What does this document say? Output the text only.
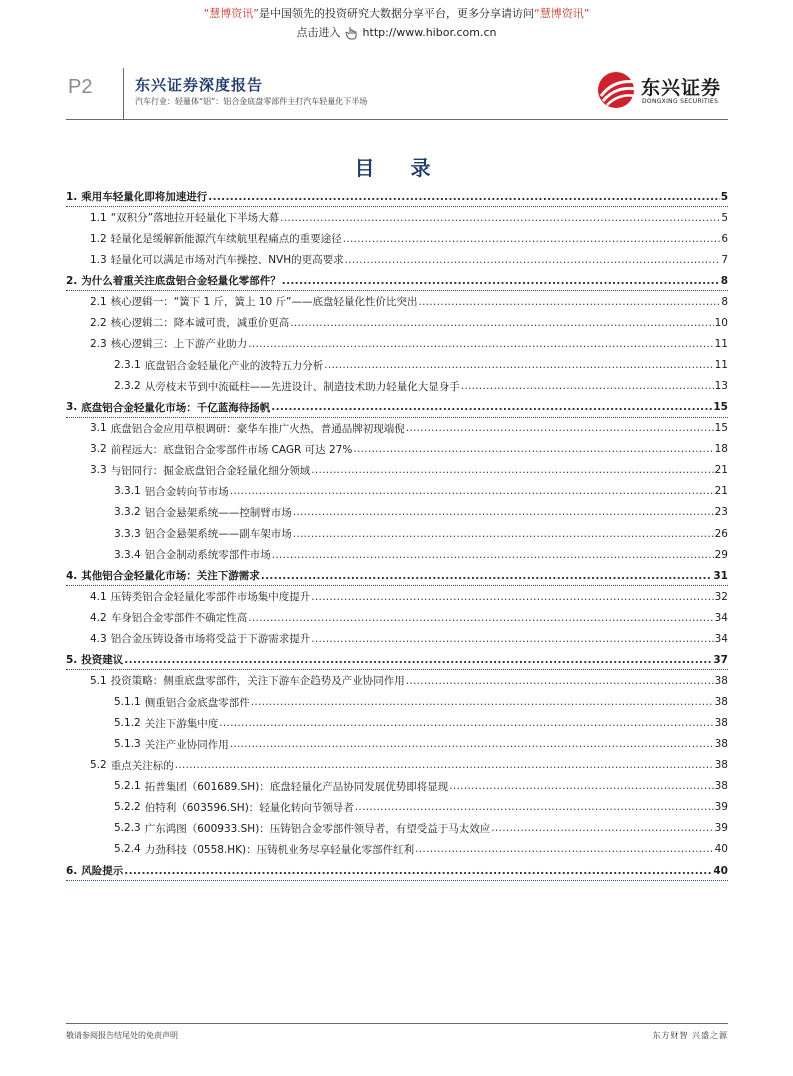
“慧博资讯”是中国领先的投资研究大数据分享平台，更多分享请访问“慧博资讯”
点击进入 http://www.hibor.com.cn
P2	东兴证券深度报告
汽车行业：轻量体“铝”：铝合金底盘零部件主打汽车轻量化下半场
东兴证券
DONGXING SECURITIES
目　录
1. 乘用车轻量化即将加速进行 .....	5
1.1 “双积分”落地拉开轻量化下半场大幕 .....	5
1.2 轻量化是缓解新能源汽车续航里程痛点的重要途径 .....	6
1.3 轻量化可以满足市场对汽车操控、NVH的更高要求 .....	7
2. 为什么着重关注底盘铝合金轻量化零部件？ .....	8
2.1 核心逻辑一：“簧下 1 斤，簧上 10 斤”——底盘轻量化性价比突出 .....	8
2.2 核心逻辑二：降本诚可贵，减重价更高 .....	10
2.3 核心逻辑三：上下游产业助力 .....	11
2.3.1 底盘铝合金轻量化产业的波特五力分析 .....	11
2.3.2 从旁枝末节到中流砥柱——先进设计、制造技术助力轻量化大显身手 .....	13
3. 底盘铝合金轻量化市场：千亿蓝海待扬帆 .....	15
3.1 底盘铝合金应用草根调研：豪华车推广火热，普通品牌初现端倪 .....	15
3.2 前程远大：底盘铝合金零部件市场 CAGR 可达 27% .....	18
3.3 与铝同行：掘金底盘铝合金轻量化细分领域 .....	21
3.3.1 铝合金转向节市场 .....	21
3.3.2 铝合金悬架系统——控制臂市场 .....	23
3.3.3 铝合金悬架系统——副车架市场 .....	26
3.3.4 铝合金制动系统零部件市场 .....	29
4. 其他铝合金轻量化市场：关注下游需求 .....	31
4.1 压铸类铝合金轻量化零部件市场集中度提升 .....	32
4.2 车身铝合金零部件不确定性高 .....	34
4.3 铝合金压铸设备市场将受益于下游需求提升 .....	34
5. 投资建议 .....	37
5.1 投资策略：侧重底盘零部件，关注下游车企趋势及产业协同作用 .....	38
5.1.1 侧重铝合金底盘零部件 .....	38
5.1.2 关注下游集中度 .....	38
5.1.3 关注产业协同作用 .....	38
5.2 重点关注标的 .....	38
5.2.1 拓普集团（601689.SH)：底盘轻量化产品协同发展优势即将显现 .....	38
5.2.2 伯特利（603596.SH)：轻量化转向节领导者 .....	39
5.2.3 广东鸿图（600933.SH)：压铸铝合金零部件领导者，有望受益于马太效应 .....	39
5.2.4 力劲科技（0558.HK)：压铸机业务尽享轻量化零部件红利 .....	40
6. 风险提示 .....	40
敬请参阅报告结尾处的免责声明	东方财智 兴盛之源
